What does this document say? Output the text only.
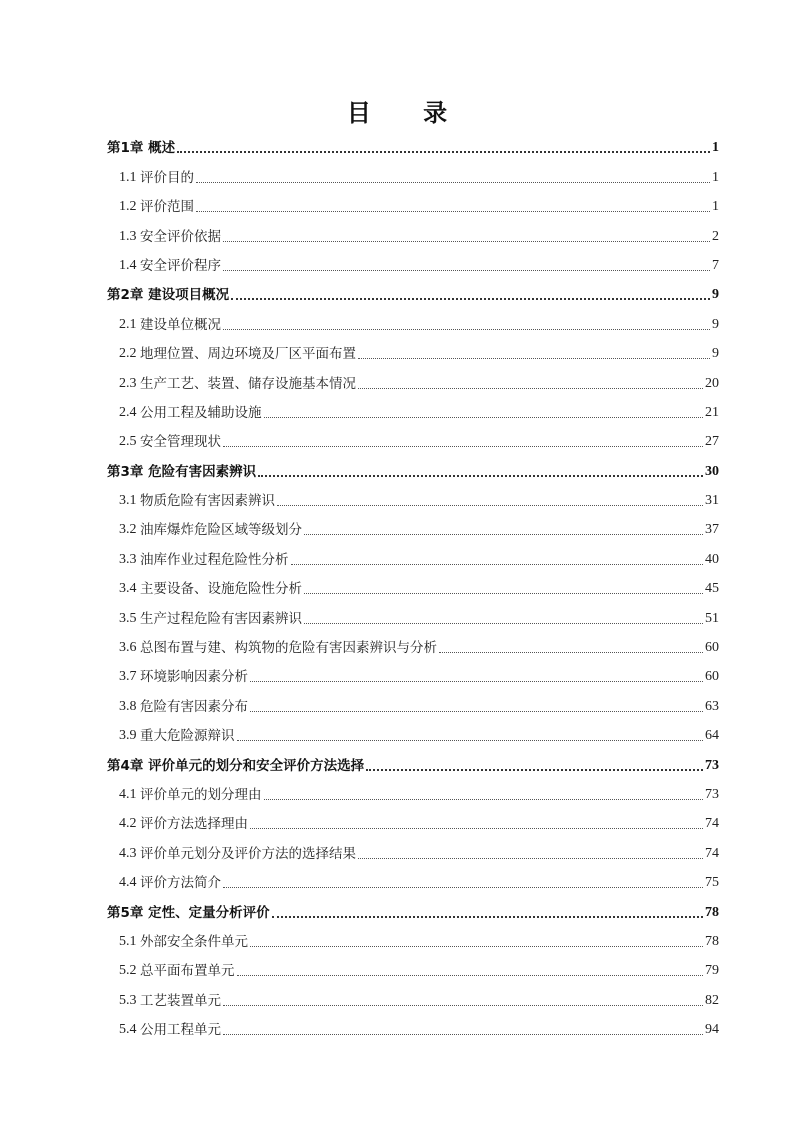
目 录
第1章 概述	1
1.1 评价目的	1
1.2 评价范围	1
1.3 安全评价依据	2
1.4 安全评价程序	7
第2章 建设项目概况	9
2.1 建设单位概况	9
2.2 地理位置、周边环境及厂区平面布置	9
2.3 生产工艺、装置、储存设施基本情况	20
2.4 公用工程及辅助设施	21
2.5 安全管理现状	27
第3章 危险有害因素辨识	30
3.1 物质危险有害因素辨识	31
3.2 油库爆炸危险区域等级划分	37
3.3 油库作业过程危险性分析	40
3.4 主要设备、设施危险性分析	45
3.5 生产过程危险有害因素辨识	51
3.6 总图布置与建、构筑物的危险有害因素辨识与分析	60
3.7 环境影响因素分析	60
3.8 危险有害因素分布	63
3.9 重大危险源辩识	64
第4章 评价单元的划分和安全评价方法选择	73
4.1 评价单元的划分理由	73
4.2 评价方法选择理由	74
4.3 评价单元划分及评价方法的选择结果	74
4.4 评价方法简介	75
第5章 定性、定量分析评价	78
5.1 外部安全条件单元	78
5.2 总平面布置单元	79
5.3 工艺装置单元	82
5.4 公用工程单元	94
